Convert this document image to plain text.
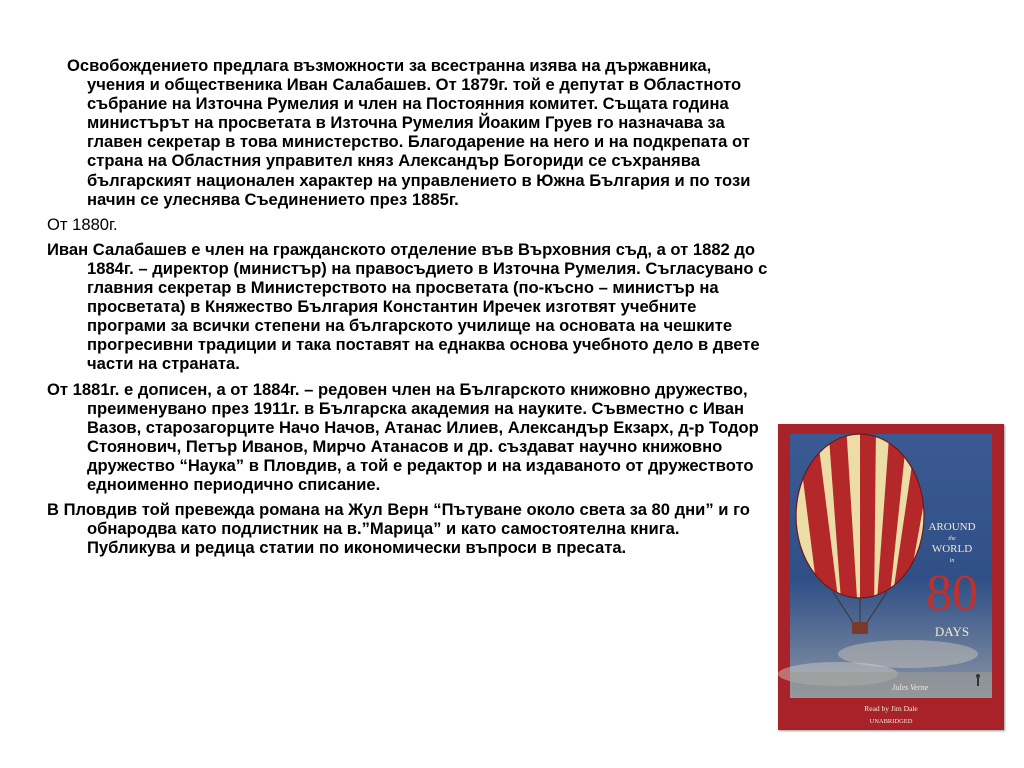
Освобождението предлага възможности за всестранна изява на държавника, учения и общественика Иван Салабашев. От 1879г. той е депутат в Областното събрание на Източна Румелия и член на Постоянния комитет. Същата година министърът на просветата в Източна Румелия Йоаким Груев го назначава за главен секретар в това министерство. Благодарение на него и на подкрепата от страна на Областния управител княз Александър Богориди се съхранява българският национален характер на управлението в Южна България и по този начин се улеснява Съединението през 1885г.

От 1880г.

Иван Салабашев е член на гражданското отделение във Върховния съд, а от 1882 до 1884г. – директор (министър) на правосъдието в Източна Румелия. Съгласувано с главния секретар в Министерството на просветата (по-късно – министър на просветата) в Княжество България Константин Иречек изготвят учебните програми за всички степени на българското училище на основата на чешките прогресивни традиции и така поставят на еднаква основа учебното дело в двете части на страната.

От 1881г. е дописен, а от 1884г. – редовен член на Българското книжовно дружество, преименувано през 1911г. в Българска академия на науките. Съвместно с Иван Вазов, старозагорците Начо Начов, Атанас Илиев, Александър Екзарх, д-р Тодор Стоянович, Петър Иванов, Мирчо Атанасов и др. създават научно книжовно дружество “Наука” в Пловдив, а той е редактор и на издаваното от дружеството едноименно периодично списание.

В Пловдив той превежда романа на Жул Верн “Пътуване около света за 80 дни” и го обнародва като подлистник на в.”Марица” и като самостоятелна книга. Публикува и редица статии по икономически въпроси в пресата.

AROUND
the
WORLD
in
80
DAYS
Jules Verne
Read by Jim Dale
UNABRIDGED
